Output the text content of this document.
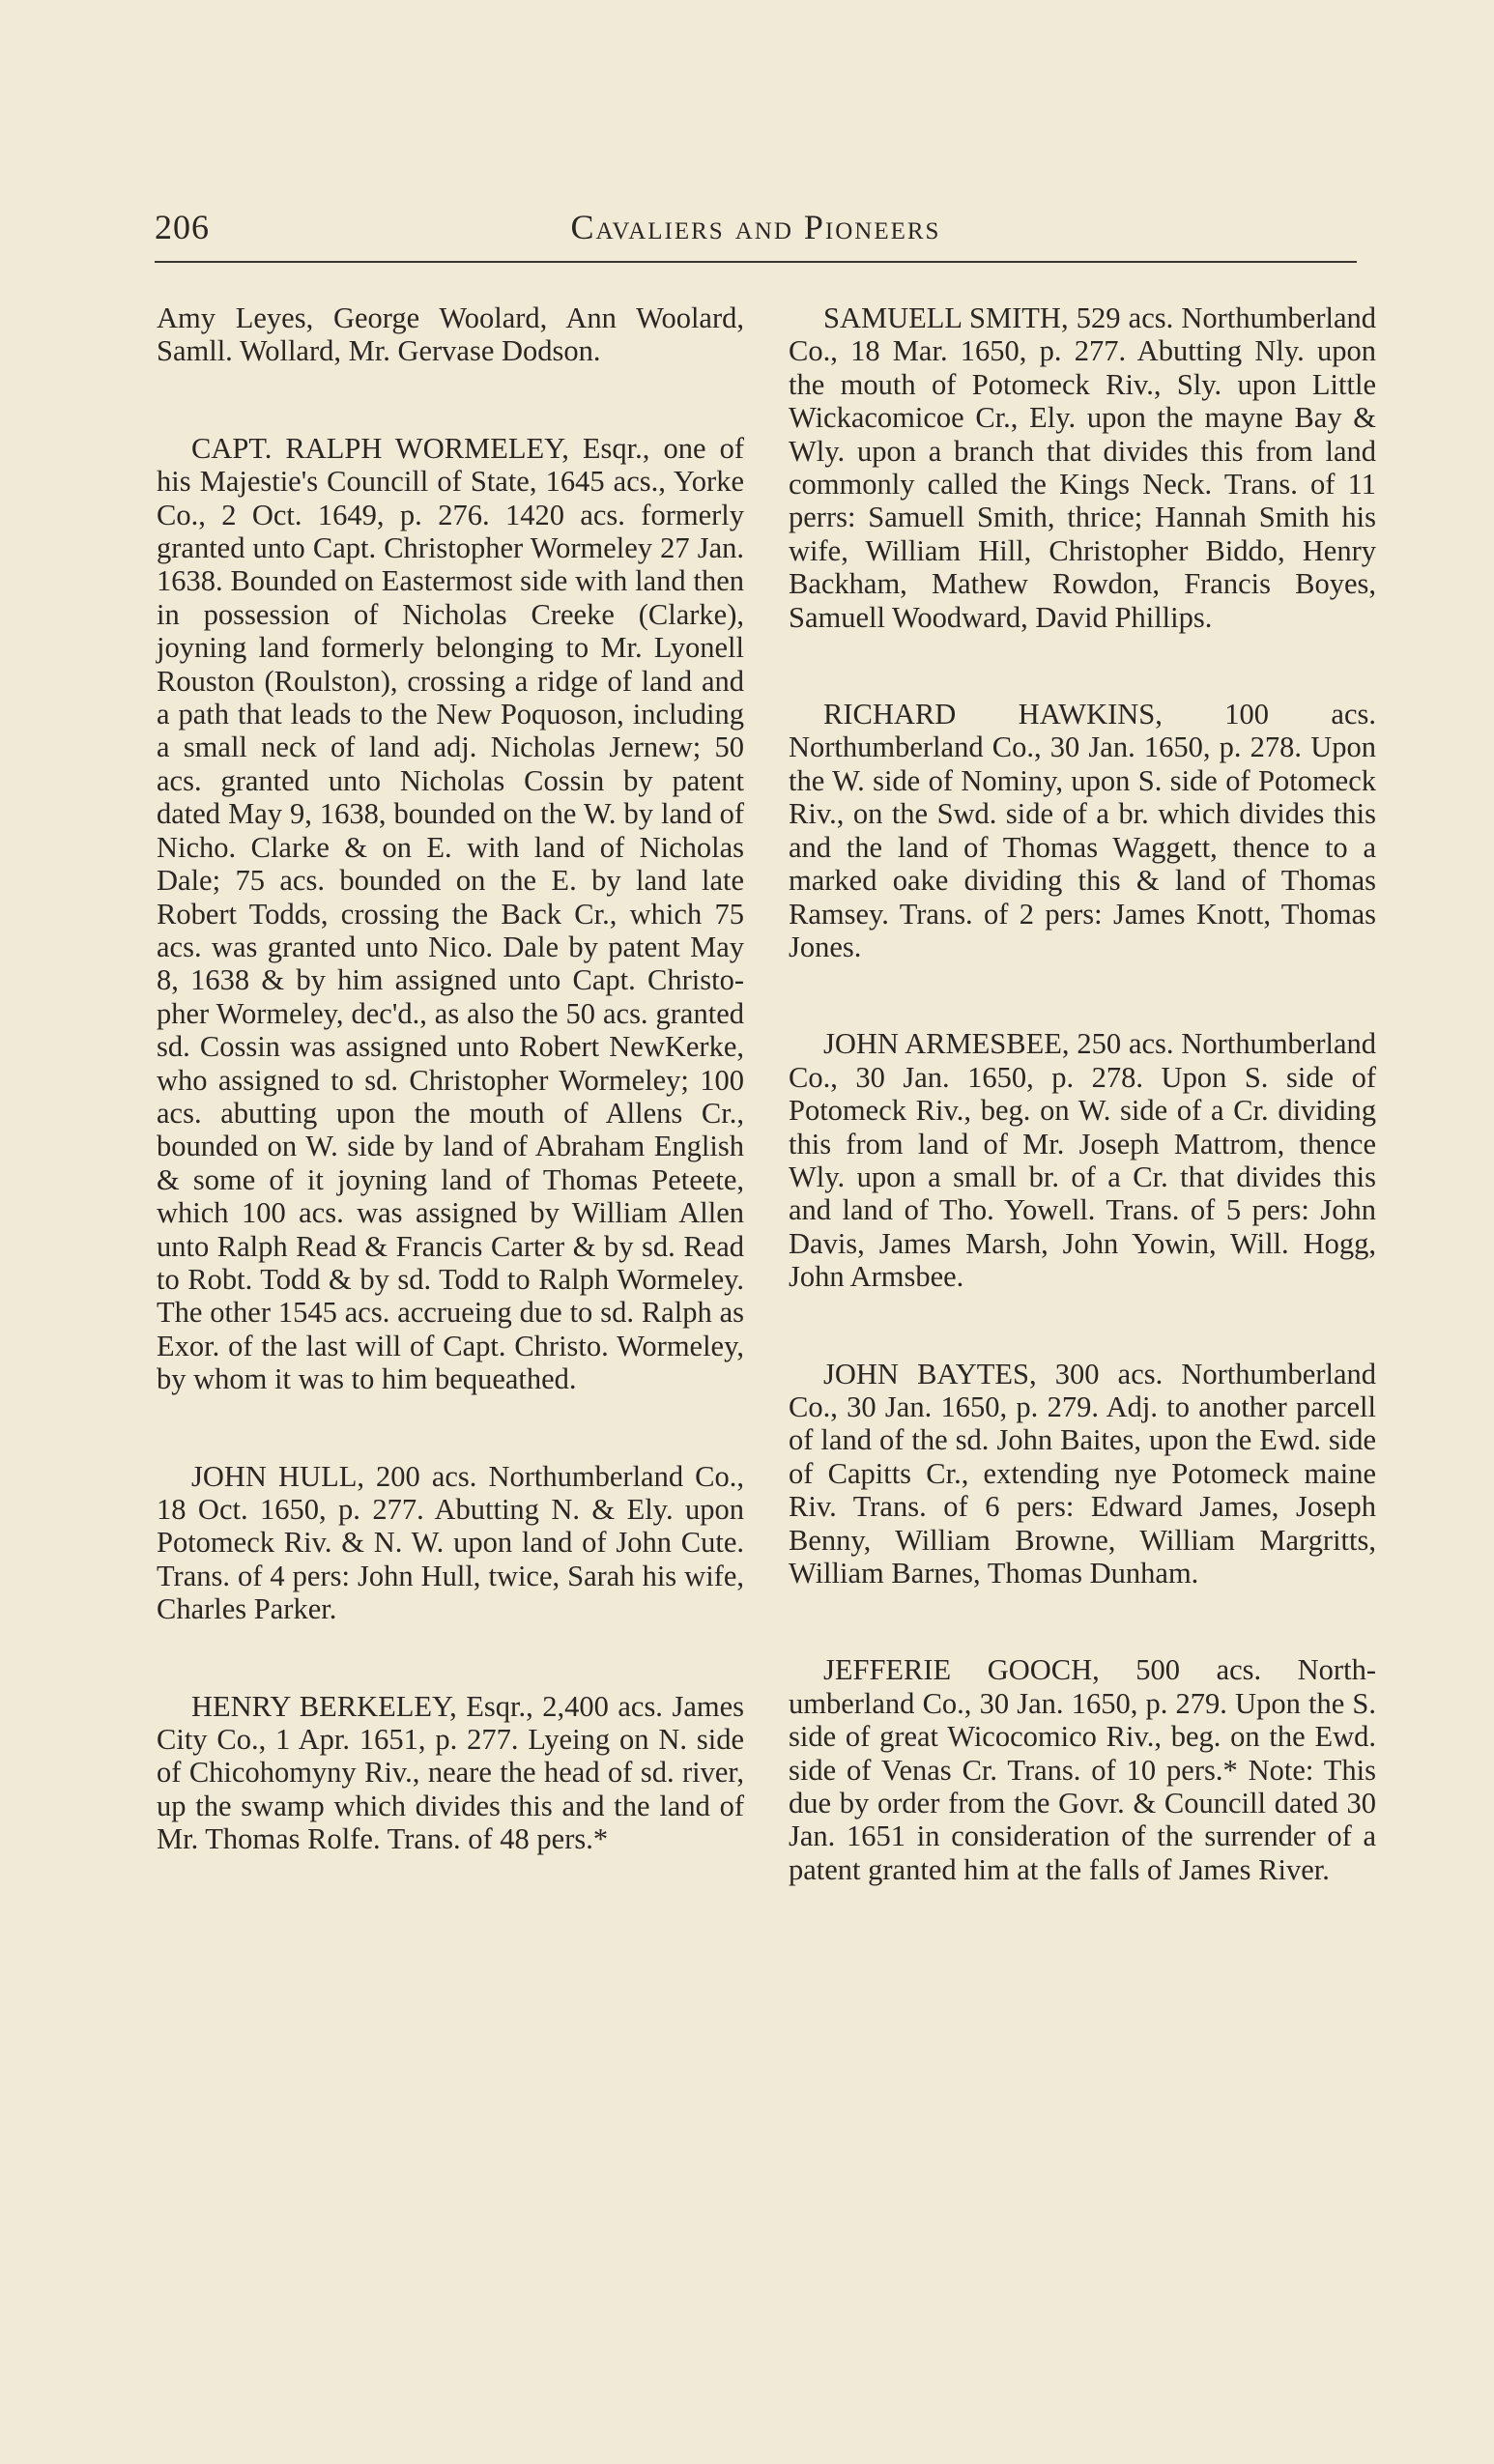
206	Cavaliers and Pioneers

Amy Leyes, George Woolard, Ann Woolard, Samll. Wollard, Mr. Gervase Dodson.

CAPT. RALPH WORMELEY, Esqr., one of his Majestie's Councill of State, 1645 acs., Yorke Co., 2 Oct. 1649, p. 276. 1420 acs. formerly granted unto Capt. Christopher Wormeley 27 Jan. 1638. Bounded on Eastermost side with land then in possession of Nicholas Creeke (Clarke), joyning land formerly belonging to Mr. Lyonell Rouston (Roulston), crossing a ridge of land and a path that leads to the New Poquoson, including a small neck of land adj. Nicholas Jernew; 50 acs. granted unto Nicholas Cossin by patent dated May 9, 1638, bounded on the W. by land of Nicho. Clarke & on E. with land of Nicholas Dale; 75 acs. bounded on the E. by land late Robert Todds, crossing the Back Cr., which 75 acs. was granted unto Nico. Dale by patent May 8, 1638 & by him assigned unto Capt. Christopher Wormeley, dec'd., as also the 50 acs. granted sd. Cossin was assigned unto Robert NewKerke, who assigned to sd. Christopher Wormeley; 100 acs. abutting upon the mouth of Allens Cr., bounded on W. side by land of Abraham English & some of it joyning land of Thomas Peteete, which 100 acs. was assigned by William Allen unto Ralph Read & Francis Carter & by sd. Read to Robt. Todd & by sd. Todd to Ralph Wormeley. The other 1545 acs. accrueing due to sd. Ralph as Exor. of the last will of Capt. Christo. Wormeley, by whom it was to him bequeathed.

JOHN HULL, 200 acs. Northumberland Co., 18 Oct. 1650, p. 277. Abutting N. & Ely. upon Potomeck Riv. & N. W. upon land of John Cute. Trans. of 4 pers: John Hull, twice, Sarah his wife, Charles Parker.

HENRY BERKELEY, Esqr., 2,400 acs. James City Co., 1 Apr. 1651, p. 277. Lyeing on N. side of Chicohomyny Riv., neare the head of sd. river, up the swamp which divides this and the land of Mr. Thomas Rolfe. Trans. of 48 pers.*

SAMUELL SMITH, 529 acs. Northumberland Co., 18 Mar. 1650, p. 277. Abutting Nly. upon the mouth of Potomeck Riv., Sly. upon Little Wickacomicoe Cr., Ely. upon the mayne Bay & Wly. upon a branch that divides this from land commonly called the Kings Neck. Trans. of 11 perrs: Samuell Smith, thrice; Hannah Smith his wife, William Hill, Christopher Biddo, Henry Backham, Mathew Rowdon, Francis Boyes, Samuell Woodward, David Phillips.

RICHARD HAWKINS, 100 acs. Northumberland Co., 30 Jan. 1650, p. 278. Upon the W. side of Nominy, upon S. side of Potomeck Riv., on the Swd. side of a br. which divides this and the land of Thomas Waggett, thence to a marked oake dividing this & land of Thomas Ramsey. Trans. of 2 pers: James Knott, Thomas Jones.

JOHN ARMESBEE, 250 acs. Northumberland Co., 30 Jan. 1650, p. 278. Upon S. side of Potomeck Riv., beg. on W. side of a Cr. dividing this from land of Mr. Joseph Mattrom, thence Wly. upon a small br. of a Cr. that divides this and land of Tho. Yowell. Trans. of 5 pers: John Davis, James Marsh, John Yowin, Will. Hogg, John Armsbee.

JOHN BAYTES, 300 acs. Northumberland Co., 30 Jan. 1650, p. 279. Adj. to another parcell of land of the sd. John Baites, upon the Ewd. side of Capitts Cr., extending nye Potomeck maine Riv. Trans. of 6 pers: Edward James, Joseph Benny, William Browne, William Margritts, William Barnes, Thomas Dunham.

JEFFERIE GOOCH, 500 acs. Northumberland Co., 30 Jan. 1650, p. 279. Upon the S. side of great Wicocomico Riv., beg. on the Ewd. side of Venas Cr. Trans. of 10 pers.* Note: This due by order from the Govr. & Councill dated 30 Jan. 1651 in consideration of the surrender of a patent granted him at the falls of James River.
